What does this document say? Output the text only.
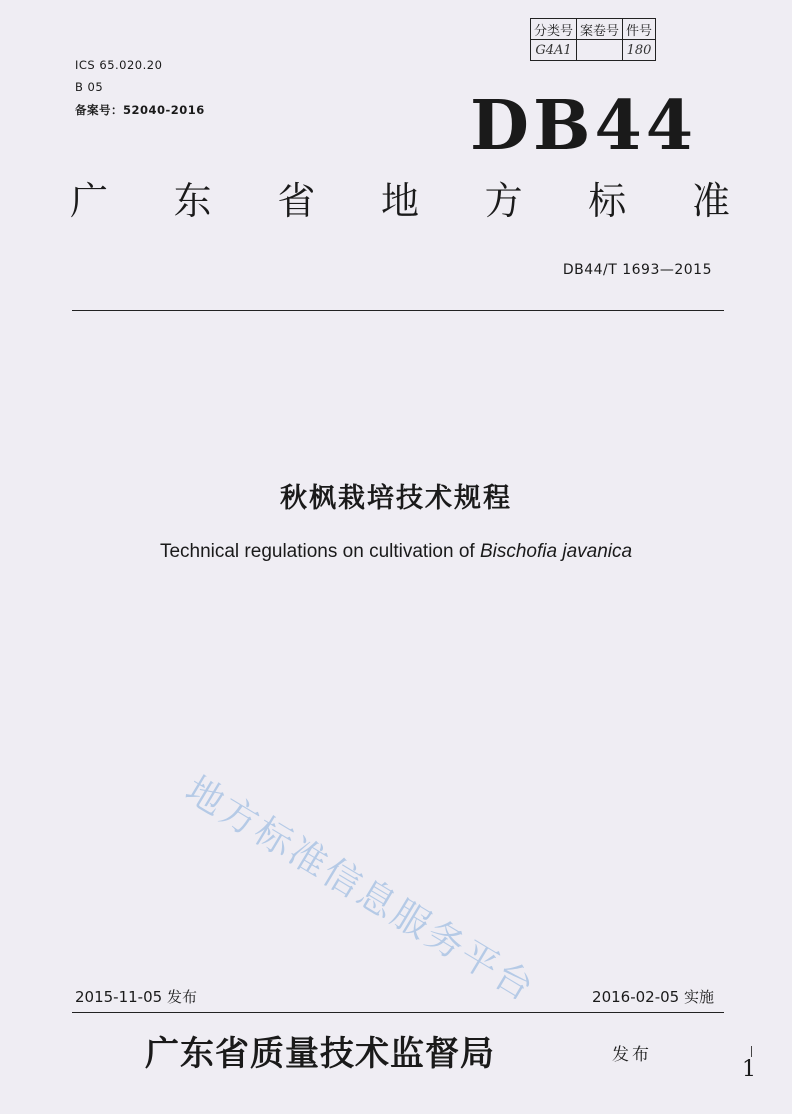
分类号	案卷号	件号
G4A1		180
ICS 65.020.20
B 05
备案号：52040-2016	DB44
广 东 省 地 方 标 准
DB44/T 1693—2015
秋枫栽培技术规程
Technical regulations on cultivation of Bischofia javanica
地方标准信息服务平台
2015-11-05 发布	2016-02-05 实施
广东省质量技术监督局	发布
1
